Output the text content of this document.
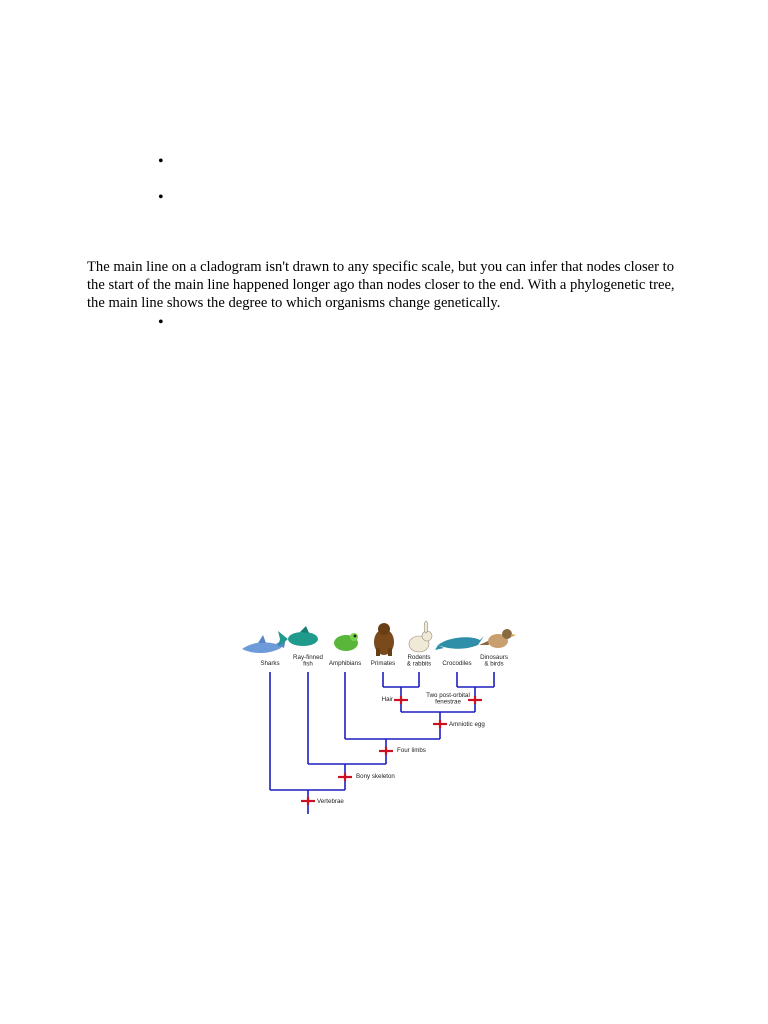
•
•

The main line on a cladogram isn't drawn to any specific scale, but you can infer that nodes closer to the start of the main line happened longer ago than nodes closer to the end. With a phylogenetic tree, the main line shows the degree to which organisms change genetically.

•
Sharks
Ray-finned
fish	Amphibians Primates
Rodents
& rabbits Crocodiles
Dinosaurs
& birds
Vertebrae
Bony skeleton
Four limbs
Amniotic egg
Hair
Two post-orbital
fenestrae
